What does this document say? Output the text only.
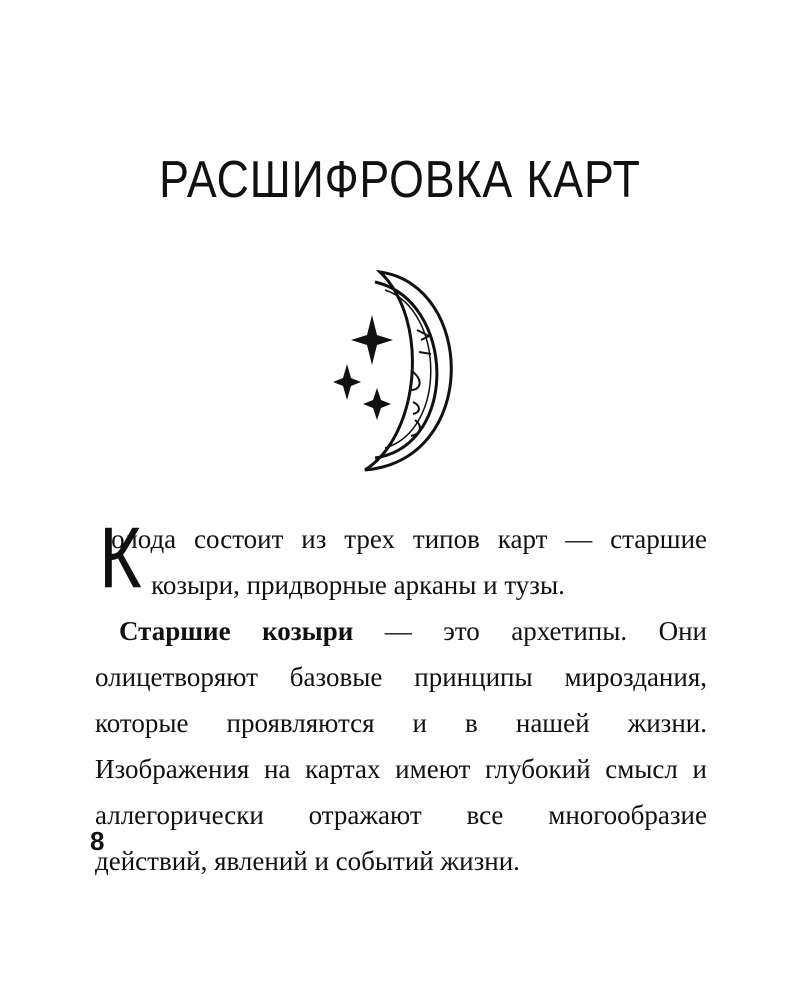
РАСШИФРОВКА КАРТ

К
олода состоит из трех типов карт — старшие козыри, придворные арканы и тузы.

Старшие козыри — это архетипы. Они олицетворяют базовые принципы мироздания, которые проявляются и в нашей жизни. Изображения на картах имеют глубокий смысл и аллегорически отражают все многообразие действий, явлений и событий жизни.

8
